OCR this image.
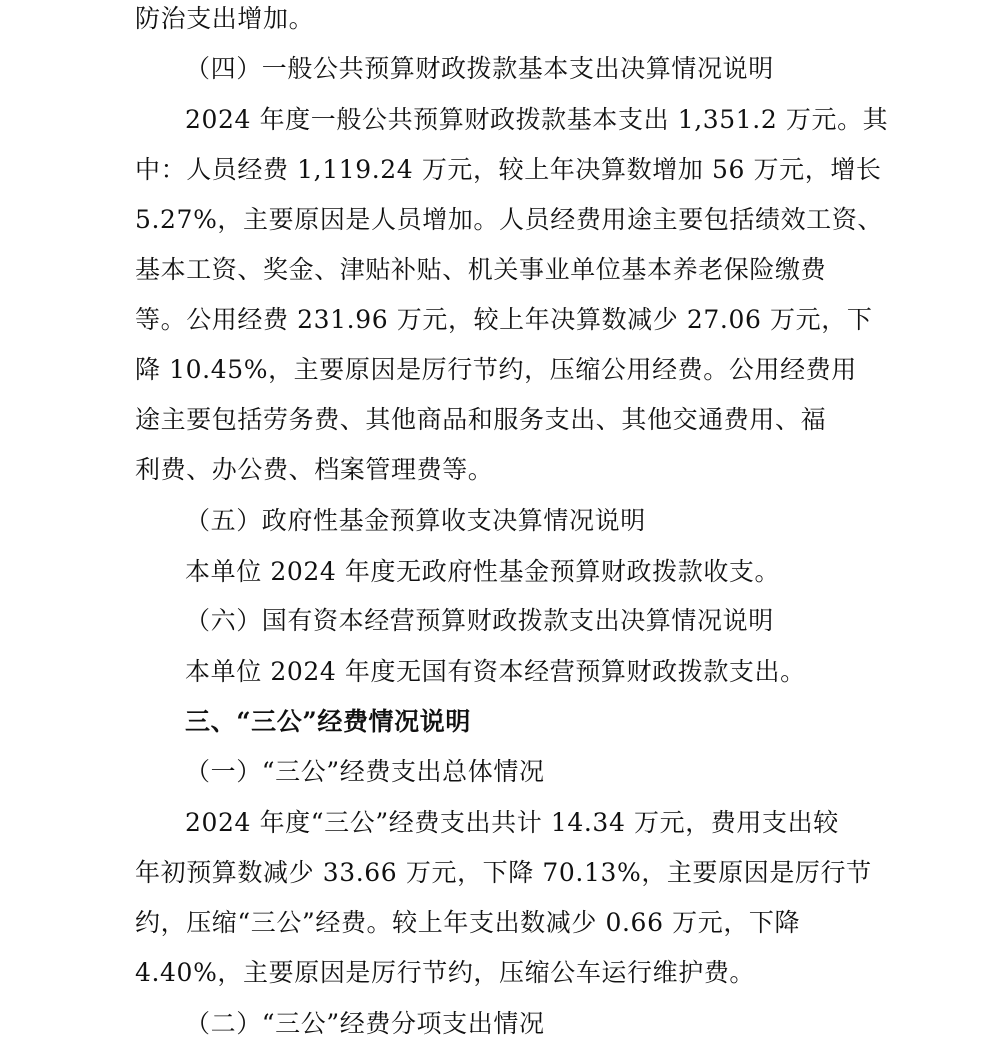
防治支出增加。

（四）一般公共预算财政拨款基本支出决算情况说明

2024 年度一般公共预算财政拨款基本支出 1,351.2 万元。其

中：人员经费 1,119.24 万元，较上年决算数增加 56 万元，增长

5.27%，主要原因是人员增加。人员经费用途主要包括绩效工资、

基本工资、奖金、津贴补贴、机关事业单位基本养老保险缴费

等。公用经费 231.96 万元，较上年决算数减少 27.06 万元，下

降 10.45%，主要原因是厉行节约，压缩公用经费。公用经费用

途主要包括劳务费、其他商品和服务支出、其他交通费用、福

利费、办公费、档案管理费等。

（五）政府性基金预算收支决算情况说明

本单位 2024 年度无政府性基金预算财政拨款收支。

（六）国有资本经营预算财政拨款支出决算情况说明

本单位 2024 年度无国有资本经营预算财政拨款支出。

三、“三公”经费情况说明

（一）“三公”经费支出总体情况

2024 年度“三公”经费支出共计 14.34 万元，费用支出较

年初预算数减少 33.66 万元，下降 70.13%，主要原因是厉行节

约，压缩“三公”经费。较上年支出数减少 0.66 万元，下降

4.40%，主要原因是厉行节约，压缩公车运行维护费。

（二）“三公”经费分项支出情况
